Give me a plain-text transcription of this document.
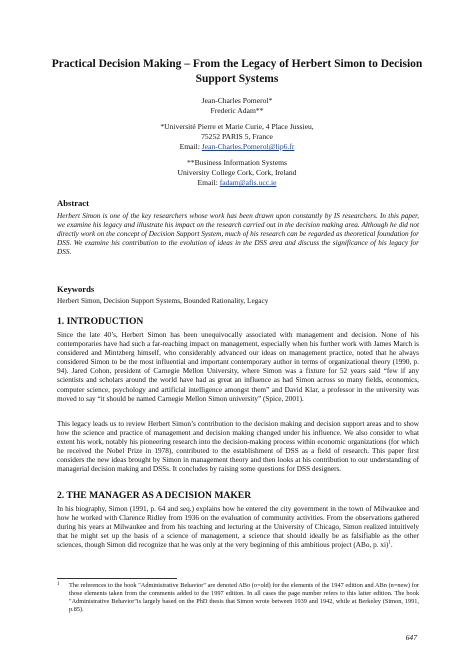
Practical Decision Making – From the Legacy of Herbert Simon to Decision
Support Systems
Jean-Charles Pomerol*
Frederic Adam**
*Université Pierre et Marie Curie, 4 Place Jussieu,
75252 PARIS 5, France
Email: Jean-Charles.Pomerol@lip6.fr
**Business Information Systems
University College Cork, Cork, Ireland
Email: fadam@afis.ucc.ie
Abstract
Herbert Simon is one of the key researchers whose work has been drawn upon constantly by IS researchers. In this paper, we examine his legacy and illustrate his impact on the research carried out in the decision making area. Although he did not directly work on the concept of Decision Support System, much of his research can be regarded as theoretical foundation for DSS. We examine his contribution to the evolution of ideas in the DSS area and discuss the significance of his legacy for DSS.
Keywords
Herbert Simon, Decision Support Systems, Bounded Rationality, Legacy
1. INTRODUCTION
Since the late 40’s, Herbert Simon has been unequivocally associated with management and decision. None of his contemporaries have had such a far-reaching impact on management, especially when his further work with James March is considered and Mintzberg himself, who considerably advanced our ideas on management practice, noted that he always considered Simon to be the most influential and important contemporary author in terms of organizational theory (1990, p. 94). Jared Cohon, president of Carnegie Mellon University, where Simon was a fixture for 52 years said “few if any scientists and scholars around the world have had as great an influence as had Simon across so many fields, economics, computer science, psychology and artificial intelligence amongst them” and David Klar, a professor in the university was moved to say “it should be named Carnegie Mellon Simon university” (Spice, 2001).
This legacy leads us to review Herbert Simon’s contribution to the decision making and decision support areas and to show how the science and practice of management and decision making changed under his influence. We also consider to what extent his work, notably his pioneering research into the decision-making process within economic organizations (for which he received the Nobel Prize in 1978), contributed to the establishment of DSS as a field of research. This paper first considers the new ideas brought by Simon in management theory and then looks at his contribution to our understanding of managerial decision making and DSSs. It concludes by raising some questions for DSS designers.
2. THE MANAGER AS A DECISION MAKER
In his biography, Simon (1991, p. 64 and seq.) explains how he entered the city government in the town of Milwaukee and how he worked with Clarence Ridley from 1936 on the evaluation of community activities. From the observations gathered during his years at Milwaukee and from his teaching and lecturing at the University of Chicago, Simon realized intuitively that he might set up the basis of a science of management, a science that should ideally be as falsifiable as the other sciences, though Simon did recognize that he was only at the very beginning of this ambitious project (ABo, p. xi)$^1$.
1 The references to the book "Administrative Behavior" are denoted ABo (o=old) for the elements of the 1947 edition and ABn (n=new) for those elements taken from the comments added to the 1997 edition. In all cases the page number refers to this latter edition. The book "Administrative Behavior"is largely based on the PhD thesis that Simon wrote between 1939 and 1942, while at Berkeley (Simon, 1991, p.85).
647
